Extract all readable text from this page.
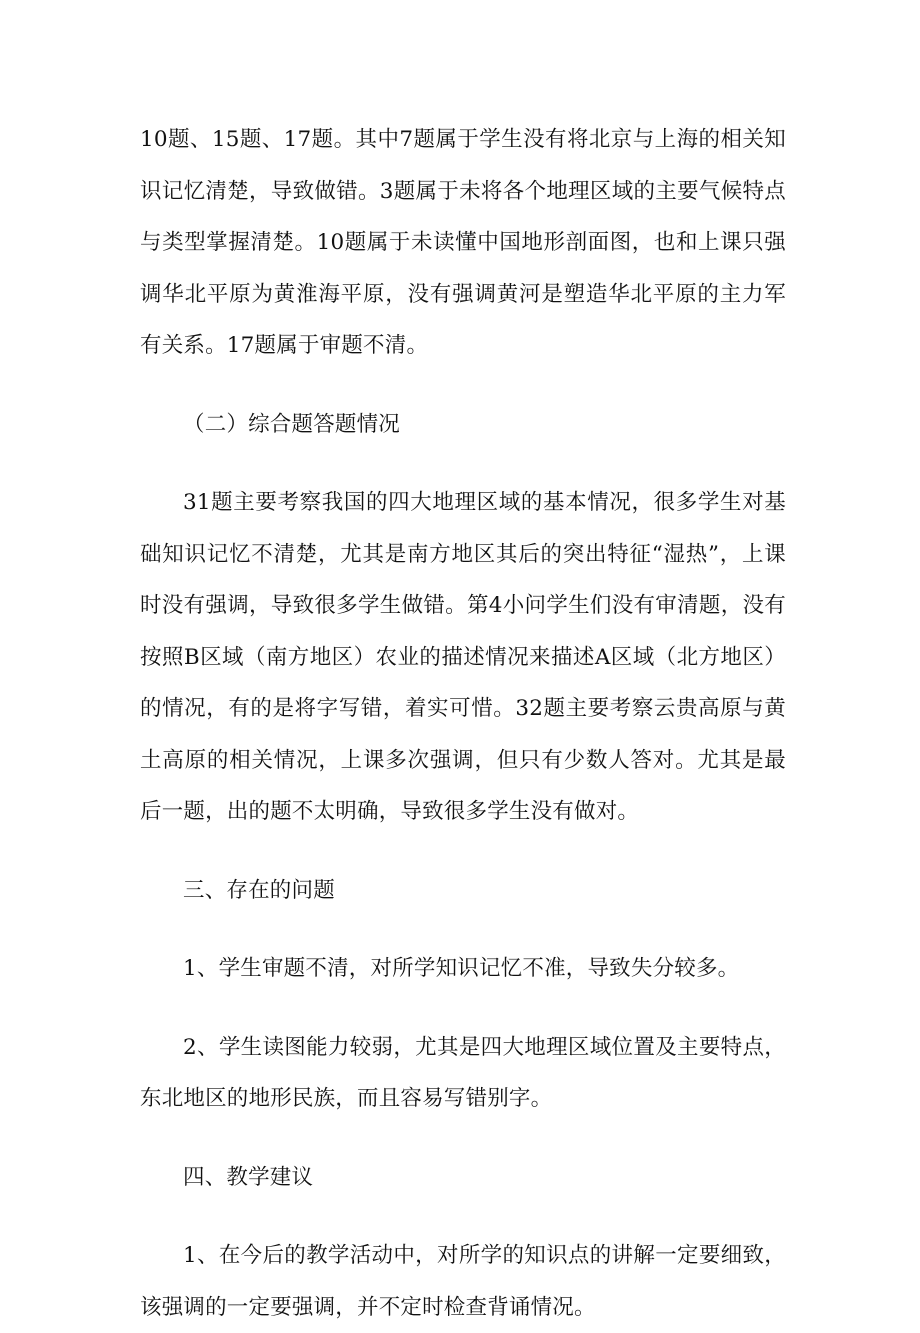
10题、15题、17题。其中7题属于学生没有将北京与上海的相关知识记忆清楚，导致做错。3题属于未将各个地理区域的主要气候特点与类型掌握清楚。10题属于未读懂中国地形剖面图，也和上课只强调华北平原为黄淮海平原，没有强调黄河是塑造华北平原的主力军有关系。17题属于审题不清。

（二）综合题答题情况

31题主要考察我国的四大地理区域的基本情况，很多学生对基础知识记忆不清楚，尤其是南方地区其后的突出特征“湿热”，上课时没有强调，导致很多学生做错。第4小问学生们没有审清题，没有按照B区域（南方地区）农业的描述情况来描述A区域（北方地区）的情况，有的是将字写错，着实可惜。32题主要考察云贵高原与黄土高原的相关情况，上课多次强调，但只有少数人答对。尤其是最后一题，出的题不太明确，导致很多学生没有做对。

三、存在的问题

1、学生审题不清，对所学知识记忆不准，导致失分较多。

2、学生读图能力较弱，尤其是四大地理区域位置及主要特点，东北地区的地形民族，而且容易写错别字。

四、教学建议

1、在今后的教学活动中，对所学的知识点的讲解一定要细致，该强调的一定要强调，并不定时检查背诵情况。
